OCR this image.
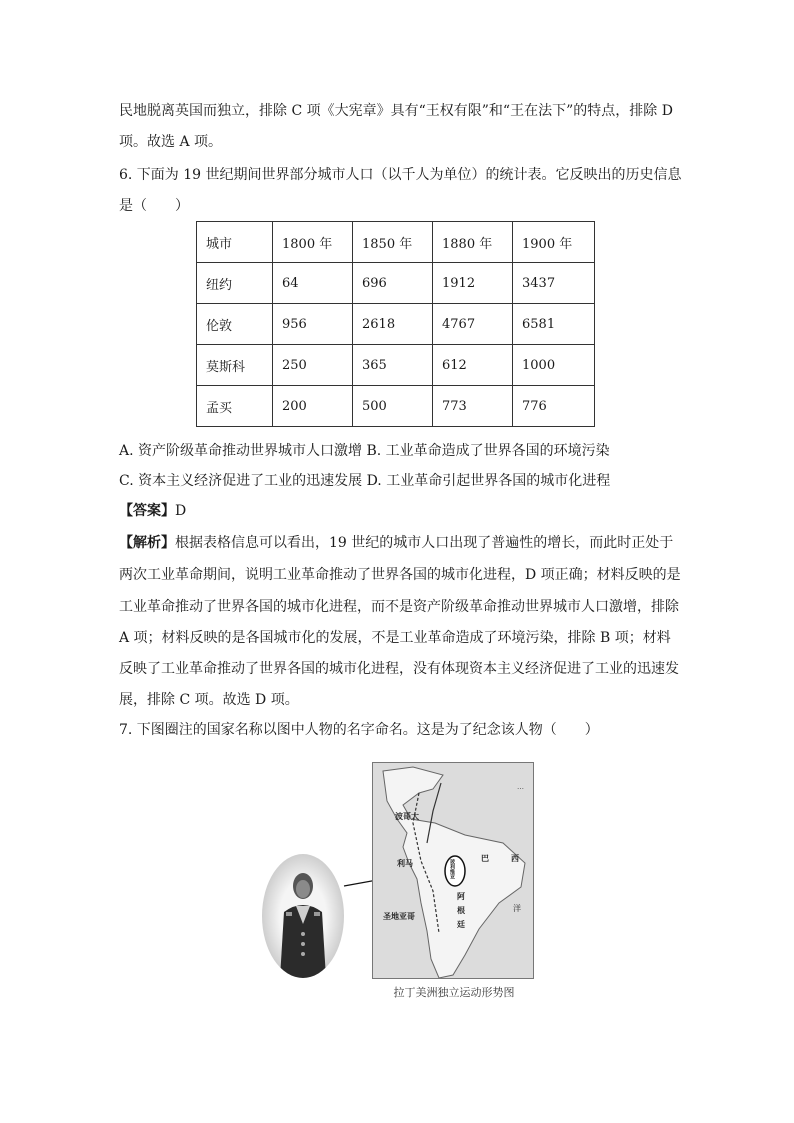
民地脱离英国而独立，排除 C 项《大宪章》具有“王权有限”和“王在法下”的特点，排除 D
项。故选 A 项。
6. 下面为 19 世纪期间世界部分城市人口（以千人为单位）的统计表。它反映出的历史信息
是（　　）
城市	1800 年	1850 年	1880 年	1900 年
纽约	64	696	1912	3437
伦敦	956	2618	4767	6581
莫斯科	250	365	612	1000
孟买	200	500	773	776
A. 资产阶级革命推动世界城市人口激增 B. 工业革命造成了世界各国的环境污染
C. 资本主义经济促进了工业的迅速发展 D. 工业革命引起世界各国的城市化进程
【答案】D
【解析】根据表格信息可以看出，19 世纪的城市人口出现了普遍性的增长，而此时正处于
两次工业革命期间，说明工业革命推动了世界各国的城市化进程，D 项正确；材料反映的是
工业革命推动了世界各国的城市化进程，而不是资产阶级革命推动世界城市人口激增，排除
A 项；材料反映的是各国城市化的发展，不是工业革命造成了环境污染，排除 B 项；材料
反映了工业革命推动了世界各国的城市化进程，没有体现资本主义经济促进了工业的迅速发
展，排除 C 项。故选 D 项。
7. 下图圈注的国家名称以图中人物的名字命名。这是为了纪念该人物（　　）
…
波哥大
利马	巴	西
圣地亚哥
玻利维亚
阿
根
廷
洋
拉丁美洲独立运动形势图
